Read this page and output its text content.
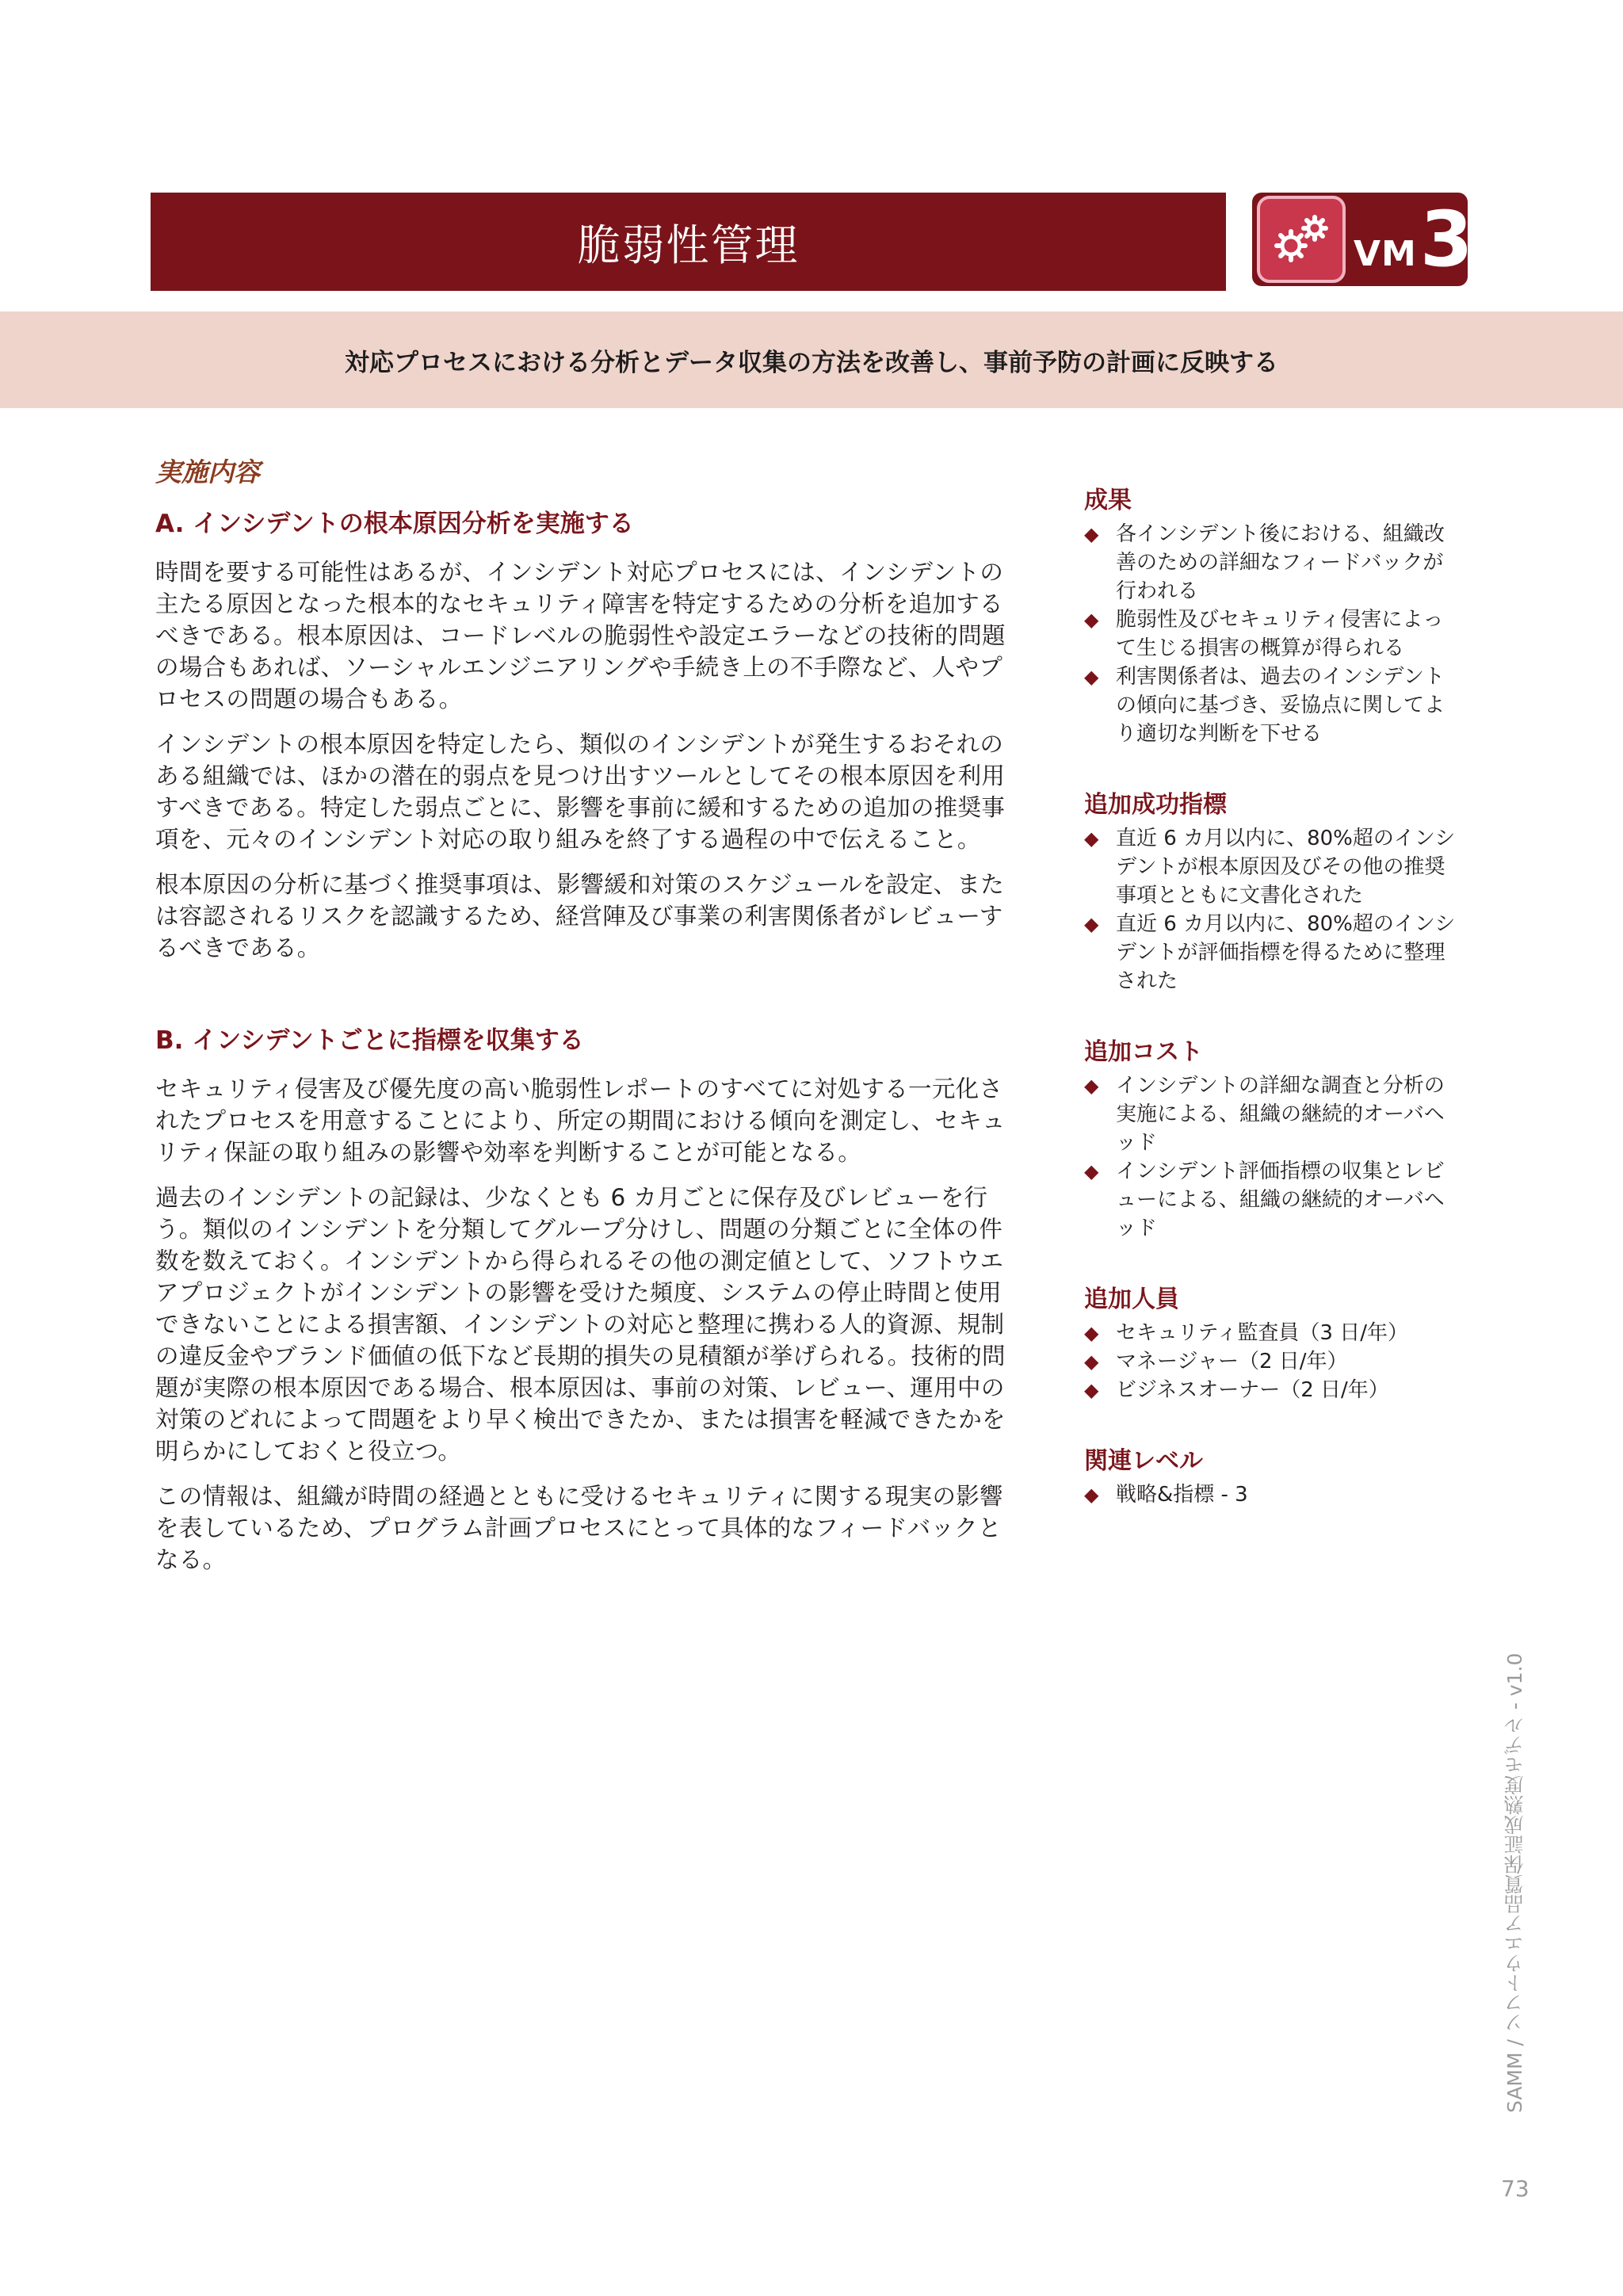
脆弱性管理	VM 3
対応プロセスにおける分析とデータ収集の方法を改善し、事前予防の計画に反映する
実施内容
A. インシデントの根本原因分析を実施する

時間を要する可能性はあるが、インシデント対応プロセスには、インシデントの主たる原因となった根本的なセキュリティ障害を特定するための分析を追加するべきである。根本原因は、コードレベルの脆弱性や設定エラーなどの技術的問題の場合もあれば、ソーシャルエンジニアリングや手続き上の不手際など、人やプロセスの問題の場合もある。

インシデントの根本原因を特定したら、類似のインシデントが発生するおそれのある組織では、ほかの潜在的弱点を見つけ出すツールとしてその根本原因を利用すべきである。特定した弱点ごとに、影響を事前に緩和するための追加の推奨事項を、元々のインシデント対応の取り組みを終了する過程の中で伝えること。

根本原因の分析に基づく推奨事項は、影響緩和対策のスケジュールを設定、または容認されるリスクを認識するため、経営陣及び事業の利害関係者がレビューするべきである。

B. インシデントごとに指標を収集する

セキュリティ侵害及び優先度の高い脆弱性レポートのすべてに対処する一元化されたプロセスを用意することにより、所定の期間における傾向を測定し、セキュリティ保証の取り組みの影響や効率を判断することが可能となる。

過去のインシデントの記録は、少なくとも 6 カ月ごとに保存及びレビューを行う。類似のインシデントを分類してグループ分けし、問題の分類ごとに全体の件数を数えておく。インシデントから得られるその他の測定値として、ソフトウエアプロジェクトがインシデントの影響を受けた頻度、システムの停止時間と使用できないことによる損害額、インシデントの対応と整理に携わる人的資源、規制の違反金やブランド価値の低下など長期的損失の見積額が挙げられる。技術的問題が実際の根本原因である場合、根本原因は、事前の対策、レビュー、運用中の対策のどれによって問題をより早く検出できたか、または損害を軽減できたかを明らかにしておくと役立つ。

この情報は、組織が時間の経過とともに受けるセキュリティに関する現実の影響を表しているため、プログラム計画プロセスにとって具体的なフィードバックとなる。

成果
◆ 各インシデント後における、組織改善のための詳細なフィードバックが行われる
◆ 脆弱性及びセキュリティ侵害によって生じる損害の概算が得られる
◆ 利害関係者は、過去のインシデントの傾向に基づき、妥協点に関してより適切な判断を下せる
追加成功指標
◆ 直近 6 カ月以内に、80%超のインシデントが根本原因及びその他の推奨事項とともに文書化された
◆ 直近 6 カ月以内に、80%超のインシデントが評価指標を得るために整理された
追加コスト
◆ インシデントの詳細な調査と分析の実施による、組織の継続的オーバヘッド
◆ インシデント評価指標の収集とレビューによる、組織の継続的オーバヘッド
追加人員
◆ セキュリティ監査員（3 日/年）
◆ マネージャー（2 日/年）
◆ ビジネスオーナー（2 日/年）
関連レベル
◆ 戦略&指標 - 3
SAMM / ソフトウエア品質保証成熟度モデル - v1.0
73
